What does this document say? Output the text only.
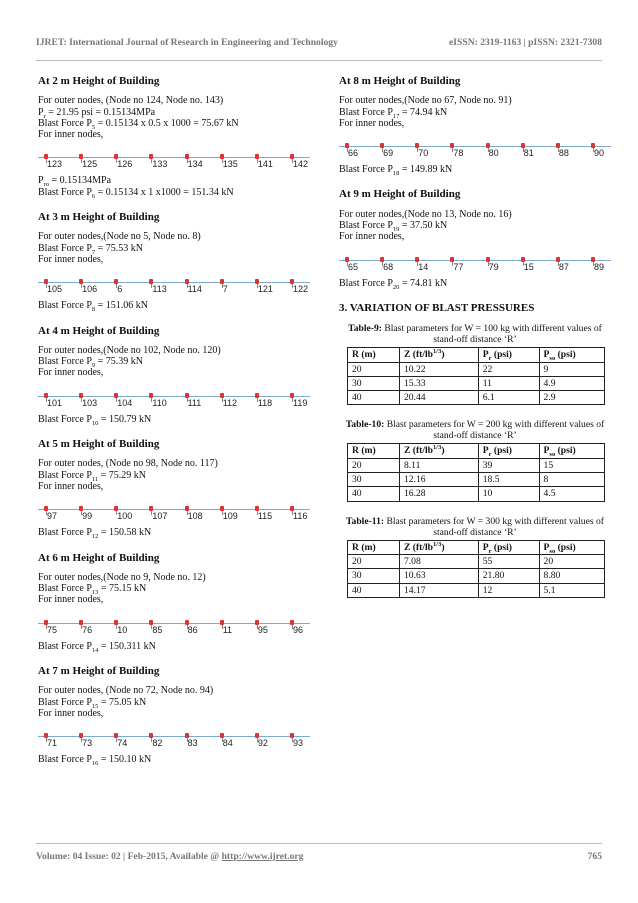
IJRET: International Journal of Research in Engineering and Technology	eISSN: 2319-1163 | pISSN: 2321-7308
At 2 m Height of Building
For outer nodes, (Node no 124, Node no. 143)
$P_r = 21.95$ psi = 0.15134MPa
Blast Force $P_5 = 0.15134$ x 0.5 x 1000 = 75.67 kN
For inner nodes,
123 125 126 133 134 135 141 142
$P_{ro} = 0.15134MPa$
Blast Force $P_6 = 0.15134$ x 1 x1000 = 151.34 kN
At 3 m Height of Building
For outer nodes,(Node no 5, Node no. 8)
Blast Force $P_7 = 75.53$ kN
For inner nodes,
105 106 6	113 114 7	121 122
Blast Force $P_8 = 151.06$ kN
At 4 m Height of Building
For outer nodes,(Node no 102, Node no. 120)
Blast Force $P_9 = 75.39$ kN
For inner nodes,
101 103 104 110 111 112 118 119
Blast Force $P_{10} = 150.79$ kN
At 5 m Height of Building
For outer nodes, (Node no 98, Node no. 117)
Blast Force $P_{11} = 75.29$ kN
For inner nodes,
97	99	100 107 108 109 115 116
Blast Force $P_{12} = 150.58$ kN
At 6 m Height of Building
For outer nodes,(Node no 9, Node no. 12)
Blast Force $P_{13} = 75.15$ kN
For inner nodes,
75	76	10	85	86	11	95	96
Blast Force $P_{14} = 150.311$ kN
At 7 m Height of Building
For outer nodes, (Node no 72, Node no. 94)
Blast Force $P_{15} = 75.05$ kN
For inner nodes,
71	73	74	82	83	84	92	93
Blast Force $P_{16} = 150.10$ kN
At 8 m Height of Building
For outer nodes,(Node no 67, Node no. 91)
Blast Force $P_{17} = 74.94$ kN
For inner nodes,
66	69	70	78	80	81	88	90
Blast Force $P_{18} = 149.89$ kN
At 9 m Height of Building
For outer nodes,(Node no 13, Node no. 16)
Blast Force $P_{19} = 37.50$ kN
For inner nodes,
65	68	14	77	79	15	87	89
Blast Force $P_{20} = 74.81$ kN
3. VARIATION OF BLAST PRESSURES
Table-9: Blast parameters for W = 100 kg with different values of stand-off distance ‘R’
R (m)	Z $(ft/lb^{1/3})$	$P_r$ (psi)	$P_{so}$ (psi)
20	10.22	22	9
30	15.33	11	4.9
40	20.44	6.1	2.9
Table-10: Blast parameters for W = 200 kg with different values of stand-off distance ‘R’
R (m)	Z $(ft/lb^{1/3})$	$P_r$ (psi)	$P_{so}$ (psi)
20	8.11	39	15
30	12.16	18.5	8
40	16.28	10	4.5
Table-11: Blast parameters for W = 300 kg with different values of stand-off distance ‘R’
R (m)	Z $(ft/lb^{1/3})$	$P_r$ (psi)	$P_{so}$ (psi)
20	7.08	55	20
30	10.63	21.80	8.80
40	14.17	12	5.1
Volume: 04 Issue: 02 | Feb-2015, Available @ http://www.ijret.org	765
